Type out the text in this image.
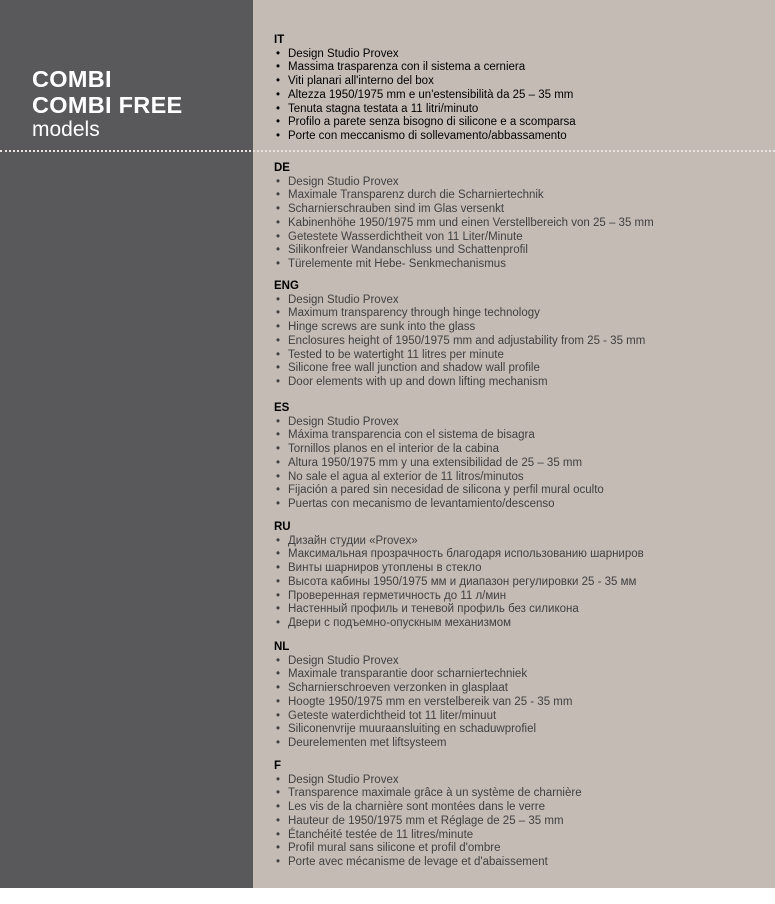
COMBI
COMBI FREE
models
IT
• Design Studio Provex
• Massima trasparenza con il sistema a cerniera
• Viti planari all'interno del box
• Altezza 1950/1975 mm e un'estensibilità da 25 – 35 mm
• Tenuta stagna testata a 11 litri/minuto
• Profilo a parete senza bisogno di silicone e a scomparsa
• Porte con meccanismo di sollevamento/abbassamento
DE
• Design Studio Provex
• Maximale Transparenz durch die Scharniertechnik
• Scharnierschrauben sind im Glas versenkt
• Kabinenhöhe 1950/1975 mm und einen Verstellbereich von 25 – 35 mm
• Getestete Wasserdichtheit von 11 Liter/Minute
• Silikonfreier Wandanschluss und Schattenprofil
• Türelemente mit Hebe- Senkmechanismus
ENG
• Design Studio Provex
• Maximum transparency through hinge technology
• Hinge screws are sunk into the glass
• Enclosures height of 1950/1975 mm and adjustability from 25 - 35 mm
• Tested to be watertight 11 litres per minute
• Silicone free wall junction and shadow wall profile
• Door elements with up and down lifting mechanism
ES
• Design Studio Provex
• Máxima transparencia con el sistema de bisagra
• Tornillos planos en el interior de la cabina
• Altura 1950/1975 mm y una extensibilidad de 25 – 35 mm
• No sale el agua al exterior de 11 litros/minutos
• Fijación a pared sin necesidad de silicona y perfil mural oculto
• Puertas con mecanismo de levantamiento/descenso
RU
• Дизайн студии «Provex»
• Максимальная прозрачность благодаря использованию шарниров
• Винты шарниров утоплены в стекло
• Высота кабины 1950/1975 мм и диапазон регулировки 25 - 35 мм
• Проверенная герметичность до 11 л/мин
• Настенный профиль и теневой профиль без силикона
• Двери с подъемно-опускным механизмом
NL
• Design Studio Provex
• Maximale transparantie door scharniertechniek
• Scharnierschroeven verzonken in glasplaat
• Hoogte 1950/1975 mm en verstelbereik van 25 - 35 mm
• Geteste waterdichtheid tot 11 liter/minuut
• Siliconenvrije muuraansluiting en schaduwprofiel
• Deurelementen met liftsysteem
F
• Design Studio Provex
• Transparence maximale grâce à un système de charnière
• Les vis de la charnière sont montées dans le verre
• Hauteur de 1950/1975 mm et Réglage de 25 – 35 mm
• Étanchéité testée de 11 litres/minute
• Profil mural sans silicone et profil d'ombre
• Porte avec mécanisme de levage et d'abaissement
